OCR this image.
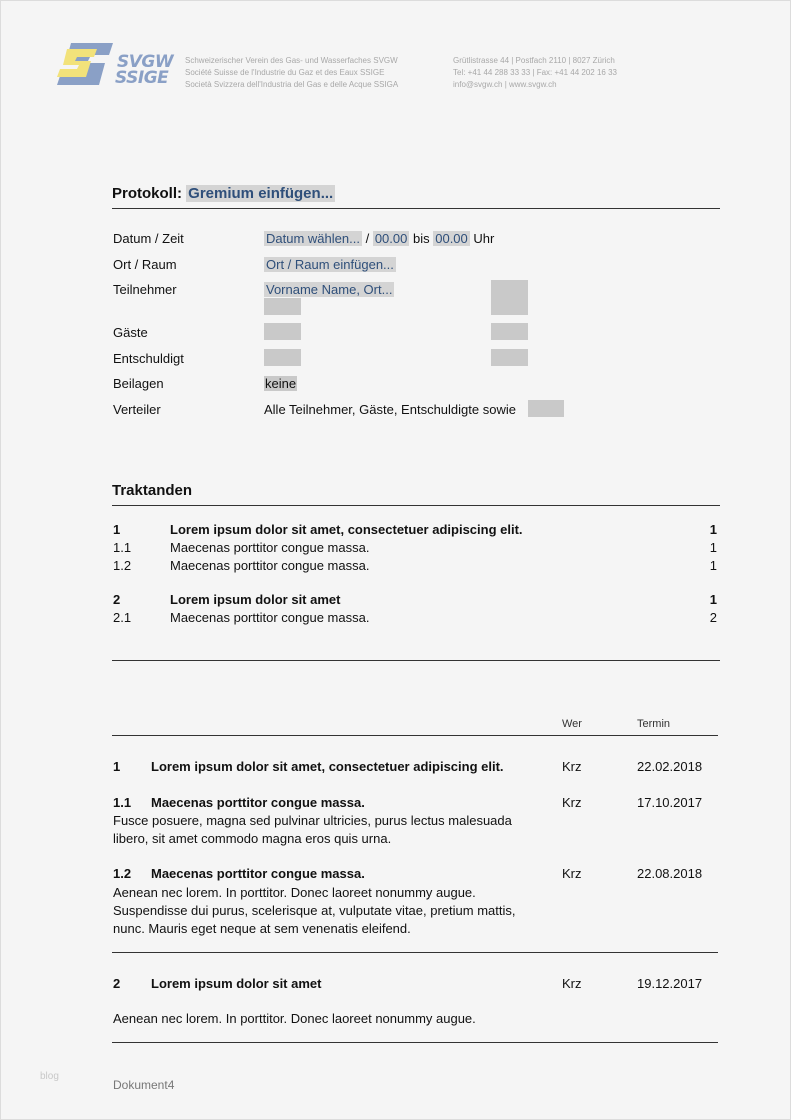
SVGW
SSIGE
Schweizerischer Verein des Gas- und Wasserfaches SVGW
Société Suisse de l'Industrie du Gaz et des Eaux SSIGE
Società Svizzera dell'Industria del Gas e delle Acque SSIGA
Grütlistrasse 44 | Postfach 2110 | 8027 Zürich
Tel: +41 44 288 33 33 | Fax: +41 44 202 16 33
info@svgw.ch | www.svgw.ch
Protokoll: Gremium einfügen...
Datum / Zeit	Datum wählen... / 00.00 bis 00.00 Uhr
Ort / Raum	Ort / Raum einfügen...
Teilnehmer	Vorname Name, Ort...
Gäste
Entschuldigt
Beilagen	keine
Verteiler	Alle Teilnehmer, Gäste, Entschuldigte sowie
Traktanden
1	Lorem ipsum dolor sit amet, consectetuer adipiscing elit.	1
1.1	Maecenas porttitor congue massa.	1
1.2	Maecenas porttitor congue massa.	1
2	Lorem ipsum dolor sit amet	1
2.1	Maecenas porttitor congue massa.	2
Wer	Termin
1 Lorem ipsum dolor sit amet, consectetuer adipiscing elit.	Krz	22.02.2018
1.1 Maecenas porttitor congue massa.	Krz	17.10.2017
Fusce posuere, magna sed pulvinar ultricies, purus lectus malesuada
libero, sit amet commodo magna eros quis urna.
1.2 Maecenas porttitor congue massa.	Krz	22.08.2018
Aenean nec lorem. In porttitor. Donec laoreet nonummy augue.
Suspendisse dui purus, scelerisque at, vulputate vitae, pretium mattis,
nunc. Mauris eget neque at sem venenatis eleifend.
2 Lorem ipsum dolor sit amet	Krz	19.12.2017
Aenean nec lorem. In porttitor. Donec laoreet nonummy augue.
blog
Dokument4
